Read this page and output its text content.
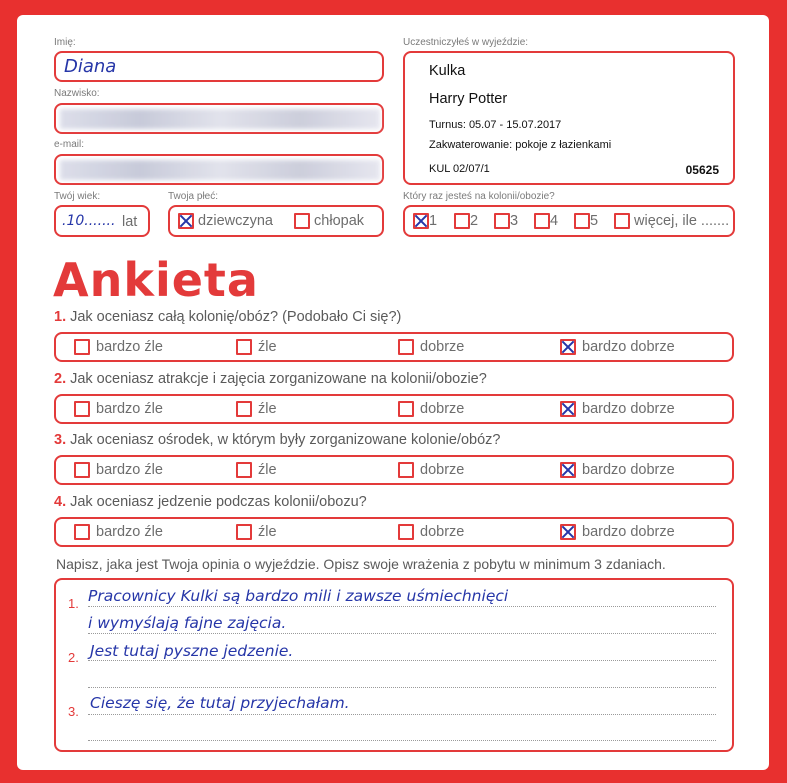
Imię:
Diana
Nazwisko:
e-mail:
Uczestniczyłeś w wyjeździe:
Kulka
Harry Potter
Turnus: 05.07 - 15.07.2017
Zakwaterowanie: pokoje z łazienkami
KUL 02/07/1	05625
Twój wiek:
.10....... lat
Twoja płeć:
dziewczyna	chłopak
Który raz jesteś na kolonii/obozie?
1	2	3	4	5	więcej, ile .......
Ankieta
1. Jak oceniasz całą kolonię/obóz? (Podobało Ci się?)
bardzo źle	źle	dobrze	bardzo dobrze
2. Jak oceniasz atrakcje i zajęcia zorganizowane na kolonii/obozie?
bardzo źle	źle	dobrze	bardzo dobrze
3. Jak oceniasz ośrodek, w którym były zorganizowane kolonie/obóz?
bardzo źle	źle	dobrze	bardzo dobrze
4. Jak oceniasz jedzenie podczas kolonii/obozu?
bardzo źle	źle	dobrze	bardzo dobrze
Napisz, jaka jest Twoja opinia o wyjeździe. Opisz swoje wrażenia z pobytu w minimum 3 zdaniach.
1. Pracownicy Kulki są bardzo mili i zawsze uśmiechnięci
i wymyślają fajne zajęcia.
2. Jest tutaj pyszne jedzenie.
3. Cieszę się, że tutaj przyjechałam.
